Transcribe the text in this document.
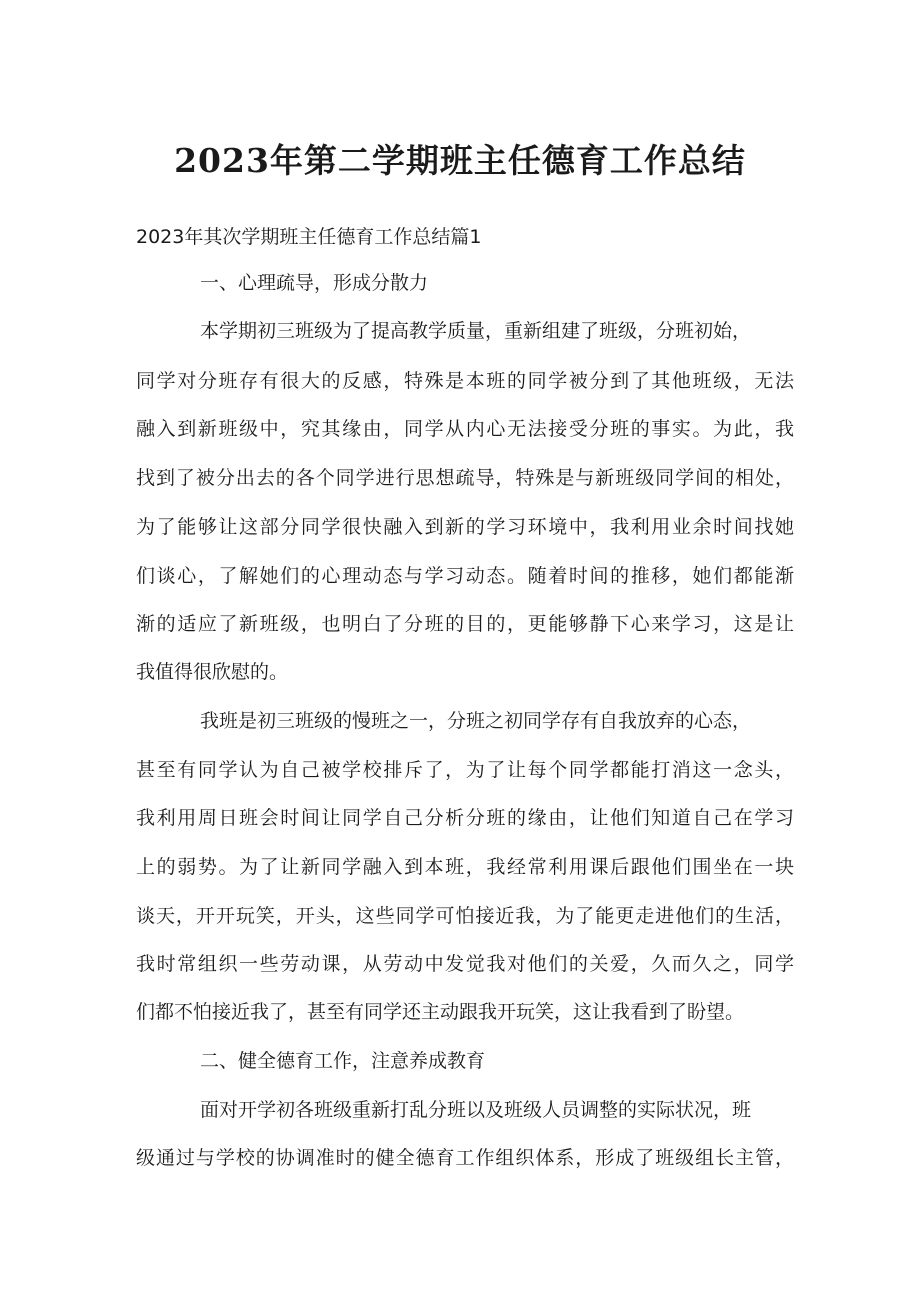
2023年第二学期班主任德育工作总结
2023年其次学期班主任德育工作总结篇1
一、心理疏导，形成分散力
本学期初三班级为了提高教学质量，重新组建了班级，分班初始，
同学对分班存有很大的反感，特殊是本班的同学被分到了其他班级，无法
融入到新班级中，究其缘由，同学从内心无法接受分班的事实。为此，我
找到了被分出去的各个同学进行思想疏导，特殊是与新班级同学间的相处，
为了能够让这部分同学很快融入到新的学习环境中，我利用业余时间找她
们谈心，了解她们的心理动态与学习动态。随着时间的推移，她们都能渐
渐的适应了新班级，也明白了分班的目的，更能够静下心来学习，这是让
我值得很欣慰的。
我班是初三班级的慢班之一，分班之初同学存有自我放弃的心态，
甚至有同学认为自己被学校排斥了，为了让每个同学都能打消这一念头，
我利用周日班会时间让同学自己分析分班的缘由，让他们知道自己在学习
上的弱势。为了让新同学融入到本班，我经常利用课后跟他们围坐在一块
谈天，开开玩笑，开头，这些同学可怕接近我，为了能更走进他们的生活，
我时常组织一些劳动课，从劳动中发觉我对他们的关爱，久而久之，同学
们都不怕接近我了，甚至有同学还主动跟我开玩笑，这让我看到了盼望。
二、健全德育工作，注意养成教育
面对开学初各班级重新打乱分班以及班级人员调整的实际状况，班
级通过与学校的协调准时的健全德育工作组织体系，形成了班级组长主管，
